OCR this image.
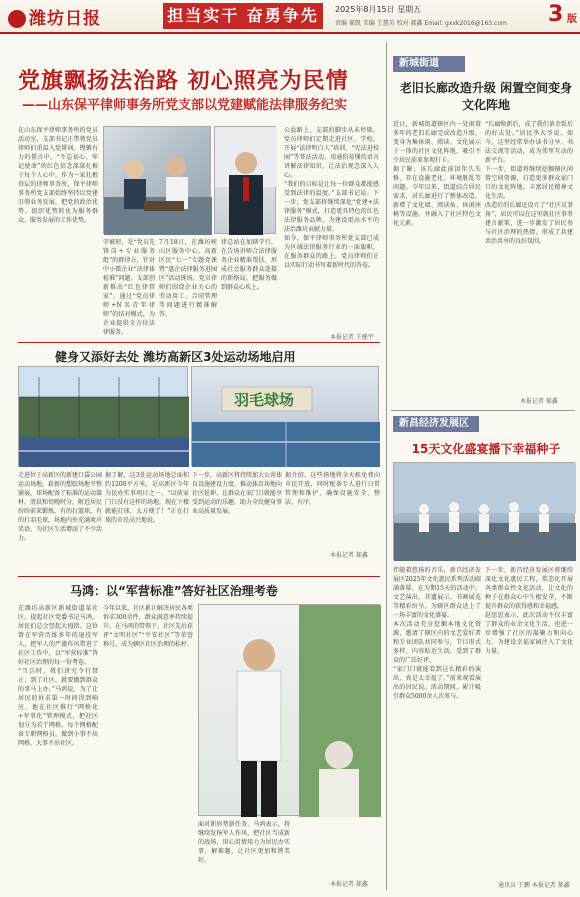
潍坊日报	担当实干 奋勇争先	2025年8月15日 星期五
责编 郝凯 美编 王慧英 校对 郝鑫 Email: gxxk2016@163.com 3 版
党旗飘扬法治路 初心照亮为民情
——山东保平律师事务所党支部以党建赋能法律服务纪实

在山东保平律师事务所的党员活动室，支部书记正带领党员律师们重温入党誓词。铿锵有力的誓言中，“不忘初心、牢记使命”的红色信念深深扎根于每个人心中。作为一家扎根基层的律师事务所，保平律师事务所党支部始终坚持以党建引领业务发展，把党的政治优势、组织优势转化为服务群众、服务发展的工作优势。

字被形，是“党员先锋岗+专业服务组”的群律方，针对中小微企业“法律体检难”问题，支部创新推出“红色律管家”，通过“党员律师+N名青年律师”的结对模式，为企业提供全方位法律服务。

7月18日，在潍坊峡山区服务中心，高新区民“七一”专题党课暨“惠企法律服务进园区”活动现场，党员律师们围绕企业关心的劳动用工、合同管理等问题进行精准解答。

律总站在加辖学行，在告场讲师合法律服务企业精准帮扶，形成社会服务群众连接的新格局，把服务做到群众心坎上。

公益路上，支部的脚步从未停歇。党员律师们定期走进社区、学校，开展“法律明白人”培训、“宪法进校园”等普法活动，用通俗易懂的语言讲解法律知识，让法治观念深入人心。

“我们的目标是让每一位群众都能感受到法律的温度。”支部书记说。下一步，党支部将继续深化“党建+法律服务”模式，打造更具特色的红色法律服务品牌，为建设更高水平的法治潍坊贡献力量。

如今，保平律师事务所党支部已成为区域法律服务行业的一面旗帜，在服务群众的路上，党员律师们正以实际行动书写着新时代的答卷。

本报记者 王健宇
健身又添好去处 潍坊高新区3处运动场地启用
羽毛球场

走进位于高新区的新建口袋公园运动场地，崭新的塑胶场地平整铺展，球场配备了标准的运动器材。清晨和傍晚时分，附近居民纷纷前来锻炼，有的打篮球，有的打羽毛球，场地内外充满欢声笑语，为社区生活增添了不少活力。

据了解，这3处运动场地总面积约1200平方米，是高新区今年为民办实事项目之一。“以前家门口没有这样的场地，现在下楼就能打球，太方便了！”正在打球的市民高兴地说。

下一步，高新区将持续加大公共体育设施建设力度，推动体育场地向社区延伸，让群众在家门口就能享受到运动的乐趣，助力全民健身事业高质量发展。

据介绍，这些场地将全天候免费向市民开放，同时配备专人进行日常管理和维护，确保设施安全、整洁、有序。

本报记者 郝鑫
马鸿：以“军营标准”答好社区治理考卷

在潍坊高新区新城街道某社区，提起社区党委书记马鸿，居民们总会竖起大拇指。这位曾在军营历练多年的退役军人，把军人的严谨作风带进了社区工作中，以“军营标准”答好社区治理的每一份考卷。

“当兵时，我们讲究令行禁止；到了社区，就要做到群众的事马上办。”马鸿说。为了让居民的诉求第一时间得到响应，他在社区推行“网格化+军事化”管理模式，把社区划分为若干网格，每个网格配备专职网格员，做到小事不出网格、大事不出社区。

今年以来，社区累计解决居民各类诉求300余件，群众满意率持续提升。在马鸿的带领下，社区先后获评“文明社区”“平安社区”等荣誉称号，成为辖区社区治理的标杆。

面对新形势新任务，马鸿表示，将继续发扬军人作风，把社区当成新的战场，用心用情用力为居民办实事、解难题，让社区更加和谐美好。

本报记者 郝鑫
新城街道
老旧长廊改造升级 闲置空间变身文化阵地

近日，新城街道辖区内一处闲置多年的老旧长廊完成改造升级，变身为集休闲、阅读、文化展示于一体的社区文化阵地，吸引不少居民前来参观打卡。

据了解，该长廊此前因年久失修，存在设施老化、环境脏乱等问题。今年以来，街道结合居民需求，对长廊进行了整体改造，新增了文化墙、阅读角、休闲座椅等设施，并融入了社区特色文化元素。

“长廊焕新后，成了我们茶余饭后的好去处。”居民李大爷说。如今，这里经常举办读书分享、书法交流等活动，成为邻里互动的新平台。

下一步，街道将继续挖掘辖区闲置空间资源，打造更多群众家门口的文化阵地，丰富居民精神文化生活。

改造后的长廊还设立了“社区议事角”，居民可以在这里就社区事务建言献策，进一步激发了居民参与社区治理的热情，形成了共建共治共享的良好氛围。

本报记者 郝鑫
新昌经济发展区
15天文化盛宴播下幸福种子

伴随着悠扬的音乐，新昌经济发展区2025年文化惠民系列活动圆满落幕。在为期15天的活动中，文艺演出、非遗展示、书画展览等精彩纷呈，为辖区群众送上了一场丰富的文化盛宴。

本次活动充分挖掘本地文化资源，邀请了辖区内的文艺爱好者和专业团队共同参与，节目形式多样、内容贴近生活，受到了群众的广泛好评。

“家门口就能看到这么精彩的演出，真是太幸福了。”前来观看演出的居民说。活动期间，累计吸引群众5000余人次参与。

下一步，新昌经济发展区将继续深化文化惠民工程，常态化开展各类群众性文化活动，让文化的种子在群众心中生根发芽，不断提升群众的获得感和幸福感。

赵思思表示，此次活动不仅丰富了群众的业余文化生活，也进一步增强了社区的凝聚力和向心力，为建设幸福家园注入了文化力量。

通讯员 王鹏 本报记者 郝鑫
